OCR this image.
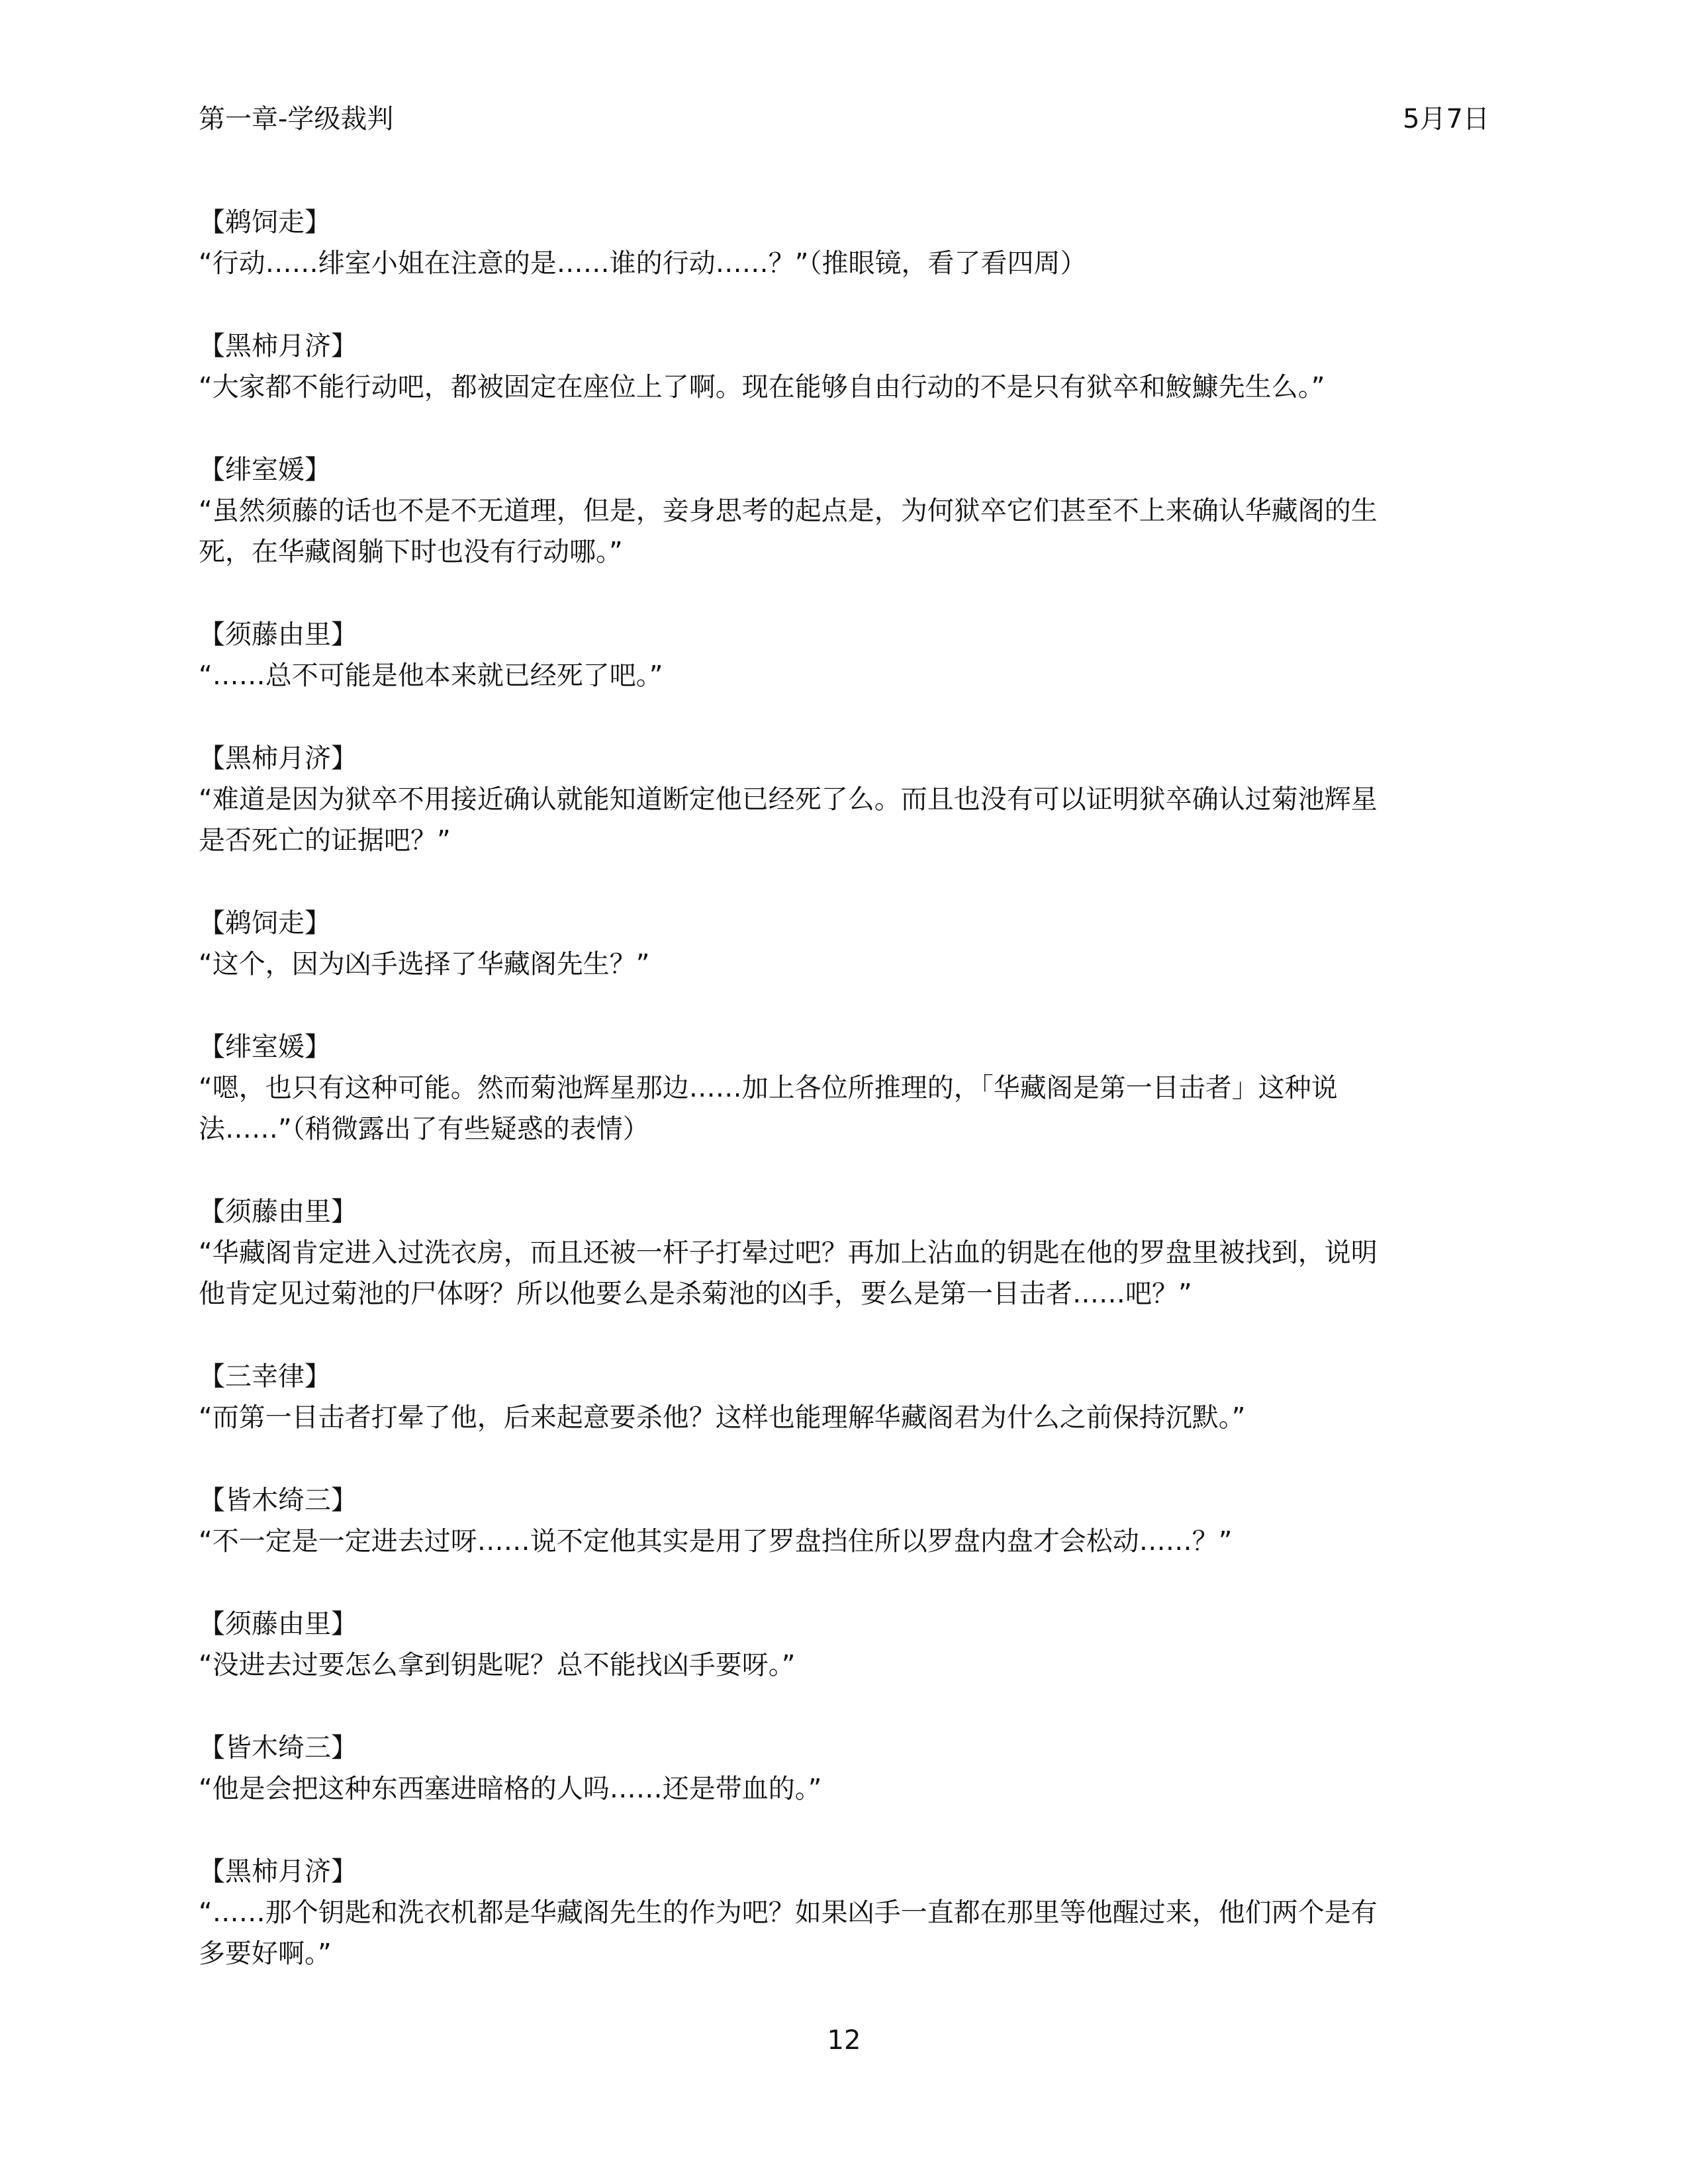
第一章-学级裁判	5月7日
【鹈饲走】
“行动……绯室小姐在注意的是……谁的行动……？”（推眼镜，看了看四周）
【黑柿月济】
“大家都不能行动吧，都被固定在座位上了啊。现在能够自由行动的不是只有狱卒和鮟鱇先生么。”
【绯室媛】
“虽然须藤的话也不是不无道理，但是，妾身思考的起点是，为何狱卒它们甚至不上来确认华藏阁的生
死，在华藏阁躺下时也没有行动哪。”
【须藤由里】
“……总不可能是他本来就已经死了吧。”
【黑柿月济】
“难道是因为狱卒不用接近确认就能知道断定他已经死了么。而且也没有可以证明狱卒确认过菊池辉星
是否死亡的证据吧？”
【鹈饲走】
“这个，因为凶手选择了华藏阁先生？”
【绯室媛】
“嗯，也只有这种可能。然而菊池辉星那边……加上各位所推理的，「华藏阁是第一目击者」这种说
法……”（稍微露出了有些疑惑的表情）
【须藤由里】
“华藏阁肯定进入过洗衣房，而且还被一杆子打晕过吧？再加上沾血的钥匙在他的罗盘里被找到，说明
他肯定见过菊池的尸体呀？所以他要么是杀菊池的凶手，要么是第一目击者……吧？”
【三幸律】
“而第一目击者打晕了他，后来起意要杀他？这样也能理解华藏阁君为什么之前保持沉默。”
【皆木绮三】
“不一定是一定进去过呀……说不定他其实是用了罗盘挡住所以罗盘内盘才会松动……？”
【须藤由里】
“没进去过要怎么拿到钥匙呢？总不能找凶手要呀。”
【皆木绮三】
“他是会把这种东西塞进暗格的人吗……还是带血的。”
【黑柿月济】
“……那个钥匙和洗衣机都是华藏阁先生的作为吧？如果凶手一直都在那里等他醒过来，他们两个是有
多要好啊。”
12
